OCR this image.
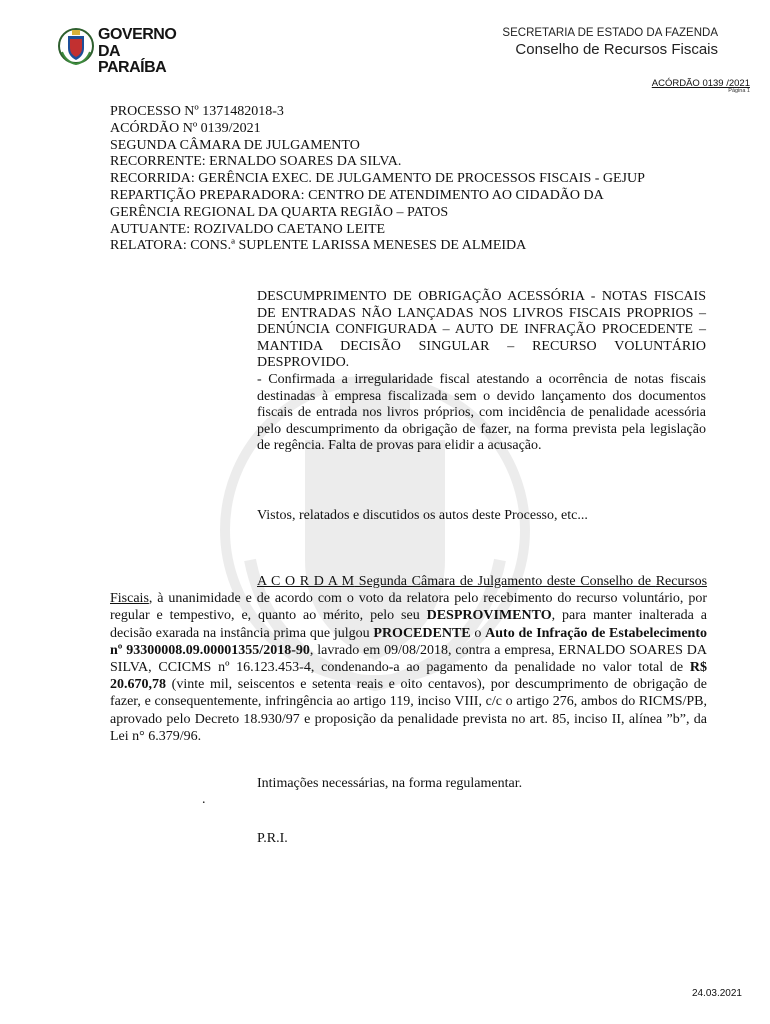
GOVERNO
DA PARAÍBA
SECRETARIA DE ESTADO DA FAZENDA
Conselho de Recursos Fiscais
ACÓRDÃO 0139 /2021
Página 1
PROCESSO Nº 1371482018-3
ACÓRDÃO Nº 0139/2021
SEGUNDA CÂMARA DE JULGAMENTO
RECORRENTE: ERNALDO SOARES DA SILVA.
RECORRIDA: GERÊNCIA EXEC. DE JULGAMENTO DE PROCESSOS FISCAIS - GEJUP
REPARTIÇÃO PREPARADORA: CENTRO DE ATENDIMENTO AO CIDADÃO DA
GERÊNCIA REGIONAL DA QUARTA REGIÃO – PATOS
AUTUANTE: ROZIVALDO CAETANO LEITE
RELATORA: CONS.ª SUPLENTE LARISSA MENESES DE ALMEIDA

DESCUMPRIMENTO DE OBRIGAÇÃO ACESSÓRIA - NOTAS FISCAIS DE ENTRADAS NÃO LANÇADAS NOS LIVROS FISCAIS PROPRIOS – DENÚNCIA CONFIGURADA – AUTO DE INFRAÇÃO PROCEDENTE – MANTIDA DECISÃO SINGULAR – RECURSO VOLUNTÁRIO DESPROVIDO.

- Confirmada a irregularidade fiscal atestando a ocorrência de notas fiscais destinadas à empresa fiscalizada sem o devido lançamento dos documentos fiscais de entrada nos livros próprios, com incidência de penalidade acessória pelo descumprimento da obrigação de fazer, na forma prevista pela legislação de regência. Falta de provas para elidir a acusação.

Vistos, relatados e discutidos os autos deste Processo, etc...

A C O R D A M Segunda Câmara de Julgamento deste Conselho de Recursos Fiscais, à unanimidade e de acordo com o voto da relatora pelo recebimento do recurso voluntário, por regular e tempestivo, e, quanto ao mérito, pelo seu DESPROVIMENTO, para manter inalterada a decisão exarada na instância prima que julgou PROCEDENTE o Auto de Infração de Estabelecimento nº 93300008.09.00001355/2018-90, lavrado em 09/08/2018, contra a empresa, ERNALDO SOARES DA SILVA, CCICMS nº 16.123.453-4, condenando-a ao pagamento da penalidade no valor total de R$ 20.670,78 (vinte mil, seiscentos e setenta reais e oito centavos), por descumprimento de obrigação de fazer, e consequentemente, infringência ao artigo 119, inciso VIII, c/c o artigo 276, ambos do RICMS/PB, aprovado pelo Decreto 18.930/97 e proposição da penalidade prevista no art. 85, inciso II, alínea ”b”, da Lei n° 6.379/96.

Intimações necessárias, na forma regulamentar.
.
P.R.I.
24.03.2021
